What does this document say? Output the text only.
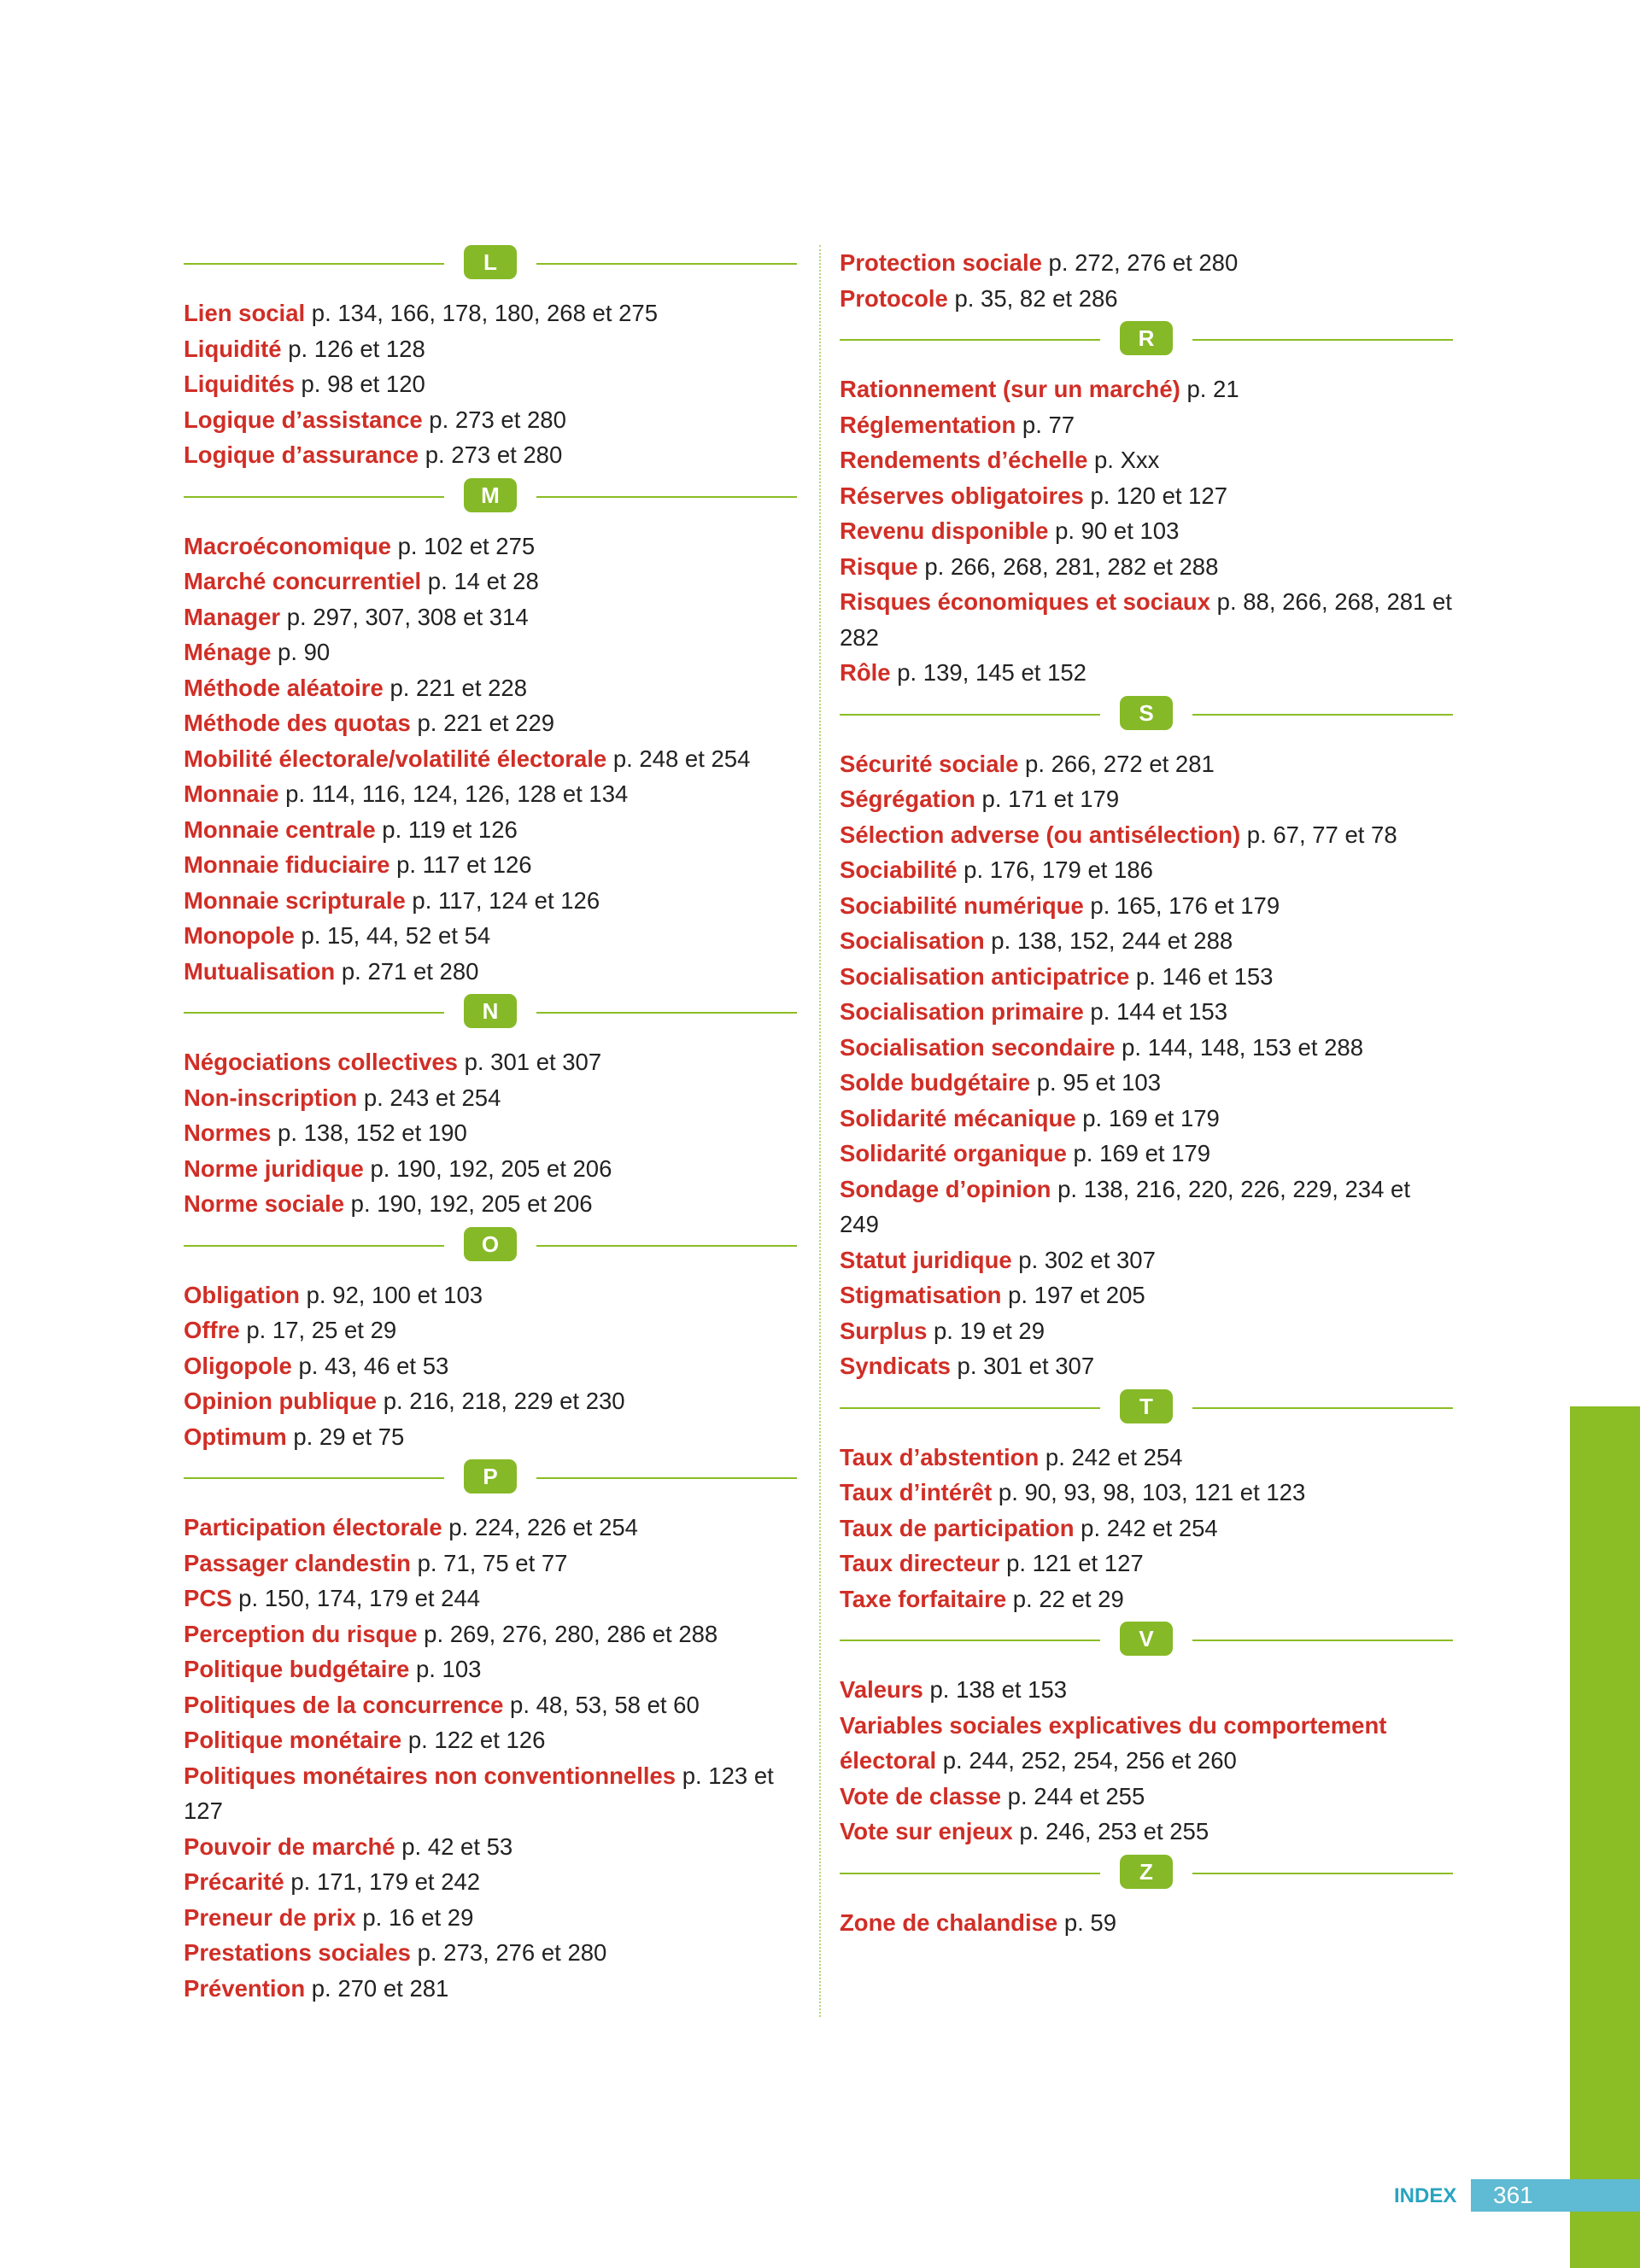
L
Lien social p. 134, 166, 178, 180, 268 et 275
Liquidité p. 126 et 128
Liquidités p. 98 et 120
Logique d’assistance p. 273 et 280
Logique d’assurance p. 273 et 280
M
Macroéconomique p. 102 et 275
Marché concurrentiel p. 14 et 28
Manager p. 297, 307, 308 et 314
Ménage p. 90
Méthode aléatoire p. 221 et 228
Méthode des quotas p. 221 et 229
Mobilité électorale/volatilité électorale p. 248 et 254
Monnaie p. 114, 116, 124, 126, 128 et 134
Monnaie centrale p. 119 et 126
Monnaie fiduciaire p. 117 et 126
Monnaie scripturale p. 117, 124 et 126
Monopole p. 15, 44, 52 et 54
Mutualisation p. 271 et 280
N
Négociations collectives p. 301 et 307
Non-inscription p. 243 et 254
Normes p. 138, 152 et 190
Norme juridique p. 190, 192, 205 et 206
Norme sociale p. 190, 192, 205 et 206
O
Obligation p. 92, 100 et 103
Offre p. 17, 25 et 29
Oligopole p. 43, 46 et 53
Opinion publique p. 216, 218, 229 et 230
Optimum p. 29 et 75
P
Participation électorale p. 224, 226 et 254
Passager clandestin p. 71, 75 et 77
PCS p. 150, 174, 179 et 244
Perception du risque p. 269, 276, 280, 286 et 288
Politique budgétaire p. 103
Politiques de la concurrence p. 48, 53, 58 et 60
Politique monétaire p. 122 et 126
Politiques monétaires non conventionnelles p. 123 et 127
Pouvoir de marché p. 42 et 53
Précarité p. 171, 179 et 242
Preneur de prix p. 16 et 29
Prestations sociales p. 273, 276 et 280
Prévention p. 270 et 281
Protection sociale p. 272, 276 et 280
Protocole p. 35, 82 et 286
R
Rationnement (sur un marché) p. 21
Réglementation p. 77
Rendements d’échelle p. Xxx
Réserves obligatoires p. 120 et 127
Revenu disponible p. 90 et 103
Risque p. 266, 268, 281, 282 et 288
Risques économiques et sociaux p. 88, 266, 268, 281 et 282
Rôle p. 139, 145 et 152
S
Sécurité sociale p. 266, 272 et 281
Ségrégation p. 171 et 179
Sélection adverse (ou antisélection) p. 67, 77 et 78
Sociabilité p. 176, 179 et 186
Sociabilité numérique p. 165, 176 et 179
Socialisation p. 138, 152, 244 et 288
Socialisation anticipatrice p. 146 et 153
Socialisation primaire p. 144 et 153
Socialisation secondaire p. 144, 148, 153 et 288
Solde budgétaire p. 95 et 103
Solidarité mécanique p. 169 et 179
Solidarité organique p. 169 et 179
Sondage d’opinion p. 138, 216, 220, 226, 229, 234 et 249
Statut juridique p. 302 et 307
Stigmatisation p. 197 et 205
Surplus p. 19 et 29
Syndicats p. 301 et 307
T
Taux d’abstention p. 242 et 254
Taux d’intérêt p. 90, 93, 98, 103, 121 et 123
Taux de participation p. 242 et 254
Taux directeur p. 121 et 127
Taxe forfaitaire p. 22 et 29
V
Valeurs p. 138 et 153
Variables sociales explicatives du comportement électoral p. 244, 252, 254, 256 et 260
Vote de classe p. 244 et 255
Vote sur enjeux p. 246, 253 et 255
Z
Zone de chalandise p. 59
INDEX 361
